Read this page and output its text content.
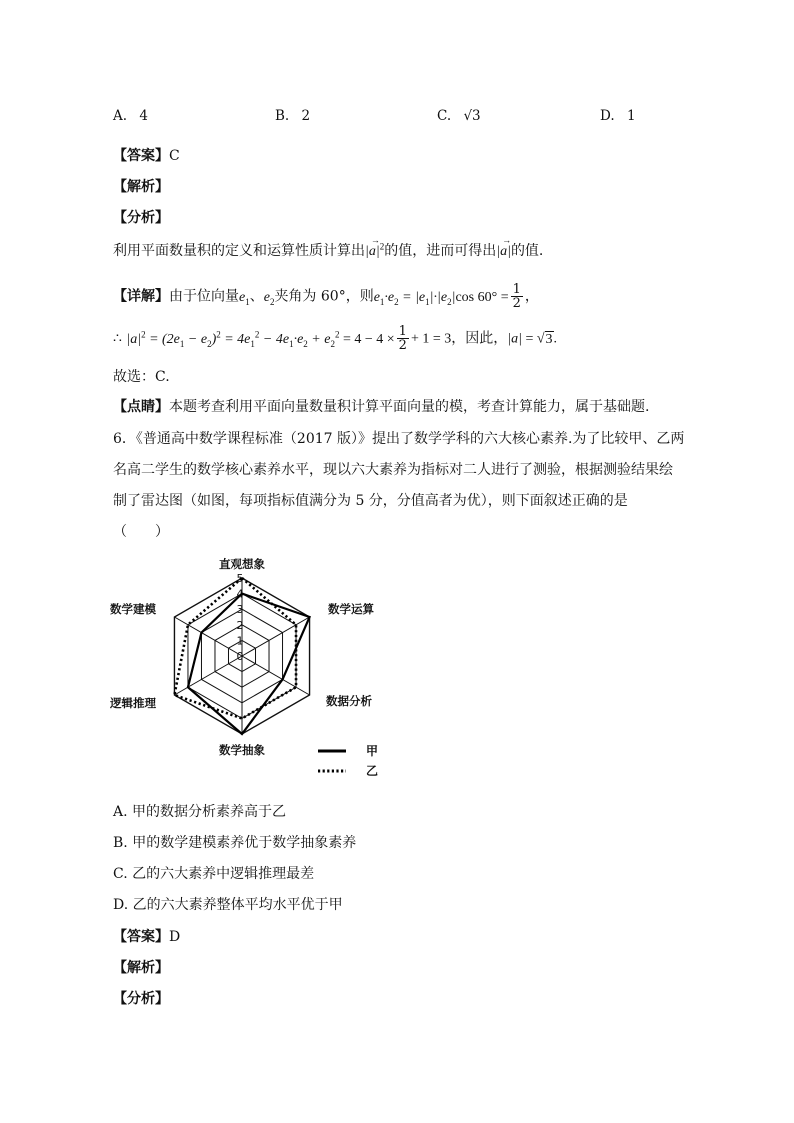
A. 4	B. 2	C. √3	D. 1
【答案】C
【解析】
【分析】
利用平面数量积的定义和运算性质计算出|a
→
$|^2$的值，进而可得出|a
→
|的值.
【详解】由于位向量$e_1$、$e_2$夹角为 60°，则$e_1\cdot e_2 = |e_1|\cdot|e_2|\cos$ $60^\circ = \frac{1}{2}$ ，
∴ $|a|^2 = (2e_1 - e_2)^2 = 4e_1^2 - 4e_1\cdot e_2 + e_2^2 = 4 - 4 \times \frac{1}{2} + 1 = 3$，因此，|a| = √3.
故选：C.
【点睛】本题考查利用平面向量数量积计算平面向量的模，考查计算能力，属于基础题.
6．《普通高中数学课程标准（2017 版）》提出了数学学科的六大核心素养.为了比较甲、乙两
名高二学生的数学核心素养水平，现以六大素养为指标对二人进行了测验，根据测验结果绘
制了雷达图（如图，每项指标值满分为 5 分，分值高者为优），则下面叙述正确的是
（　　）
0
1
2
3
4
5
直观想象
数学运算
数据分析
数学抽象
逻辑推理
数学建模
甲
乙
A. 甲的数据分析素养高于乙
B. 甲的数学建模素养优于数学抽象素养
C. 乙的六大素养中逻辑推理最差
D. 乙的六大素养整体平均水平优于甲
【答案】D
【解析】
【分析】
